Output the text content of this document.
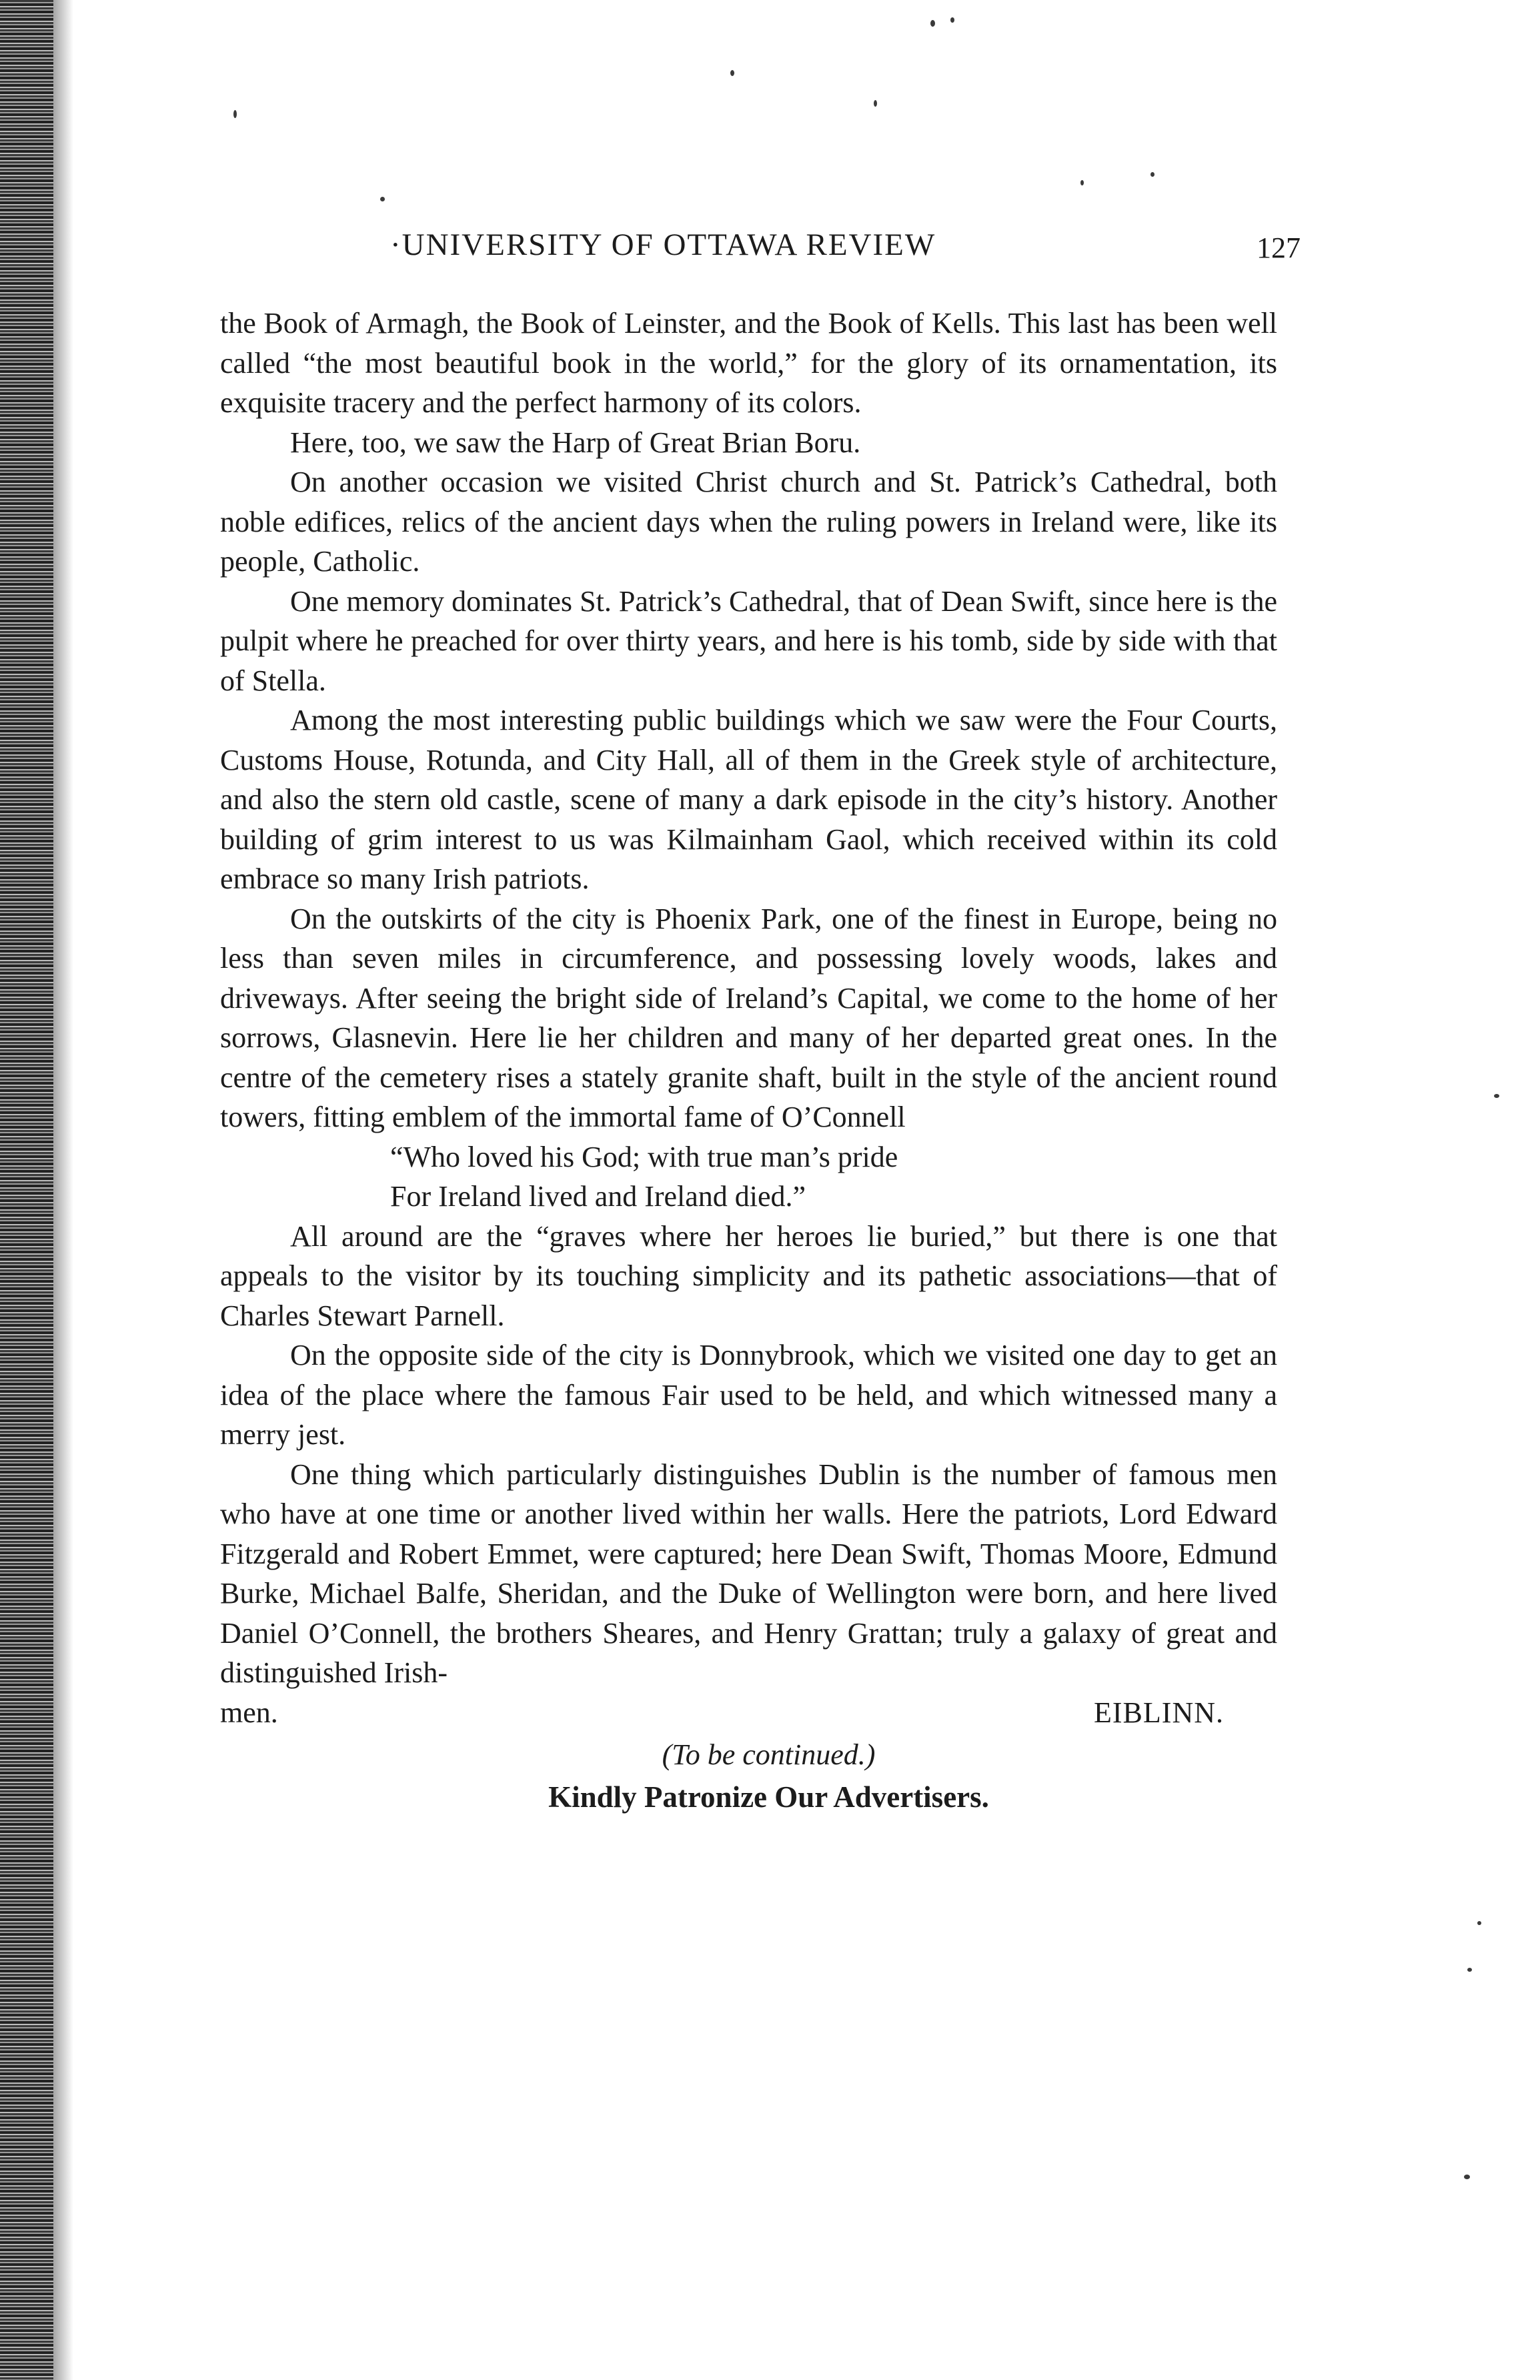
·UNIVERSITY OF OTTAWA REVIEW	127

the Book of Armagh, the Book of Leinster, and the Book of Kells. This last has been well called “the most beautiful book in the world,” for the glory of its ornamentation, its exquisite tracery and the perfect harmony of its colors.

Here, too, we saw the Harp of Great Brian Boru.

On another occasion we visited Christ church and St. Patrick’s Cathedral, both noble edifices, relics of the ancient days when the ruling powers in Ireland were, like its people, Catholic.

One memory dominates St. Patrick’s Cathedral, that of Dean Swift, since here is the pulpit where he preached for over thirty years, and here is his tomb, side by side with that of Stella.

Among the most interesting public buildings which we saw were the Four Courts, Customs House, Rotunda, and City Hall, all of them in the Greek style of architecture, and also the stern old castle, scene of many a dark episode in the city’s history. Another building of grim interest to us was Kilmainham Gaol, which received within its cold embrace so many Irish patriots.

On the outskirts of the city is Phoenix Park, one of the finest in Europe, being no less than seven miles in circumference, and possessing lovely woods, lakes and driveways. After seeing the bright side of Ireland’s Capital, we come to the home of her sorrows, Glasnevin. Here lie her children and many of her departed great ones. In the centre of the cemetery rises a stately granite shaft, built in the style of the ancient round towers, fitting emblem of the immortal fame of O’Connell

“Who loved his God; with true man’s pride
For Ireland lived and Ireland died.”

All around are the “graves where her heroes lie buried,” but there is one that appeals to the visitor by its touching simplicity and its pathetic associations—that of Charles Stewart Parnell.

On the opposite side of the city is Donnybrook, which we visited one day to get an idea of the place where the famous Fair used to be held, and which witnessed many a merry jest.

One thing which particularly distinguishes Dublin is the number of famous men who have at one time or another lived within her walls. Here the patriots, Lord Edward Fitzgerald and Robert Emmet, were captured; here Dean Swift, Thomas Moore, Edmund Burke, Michael Balfe, Sheridan, and the Duke of Wellington were born, and here lived Daniel O’Connell, the brothers Sheares, and Henry Grattan; truly a galaxy of great and distinguished Irish-

men.	EIBLINN.

(To be continued.)

Kindly Patronize Our Advertisers.
